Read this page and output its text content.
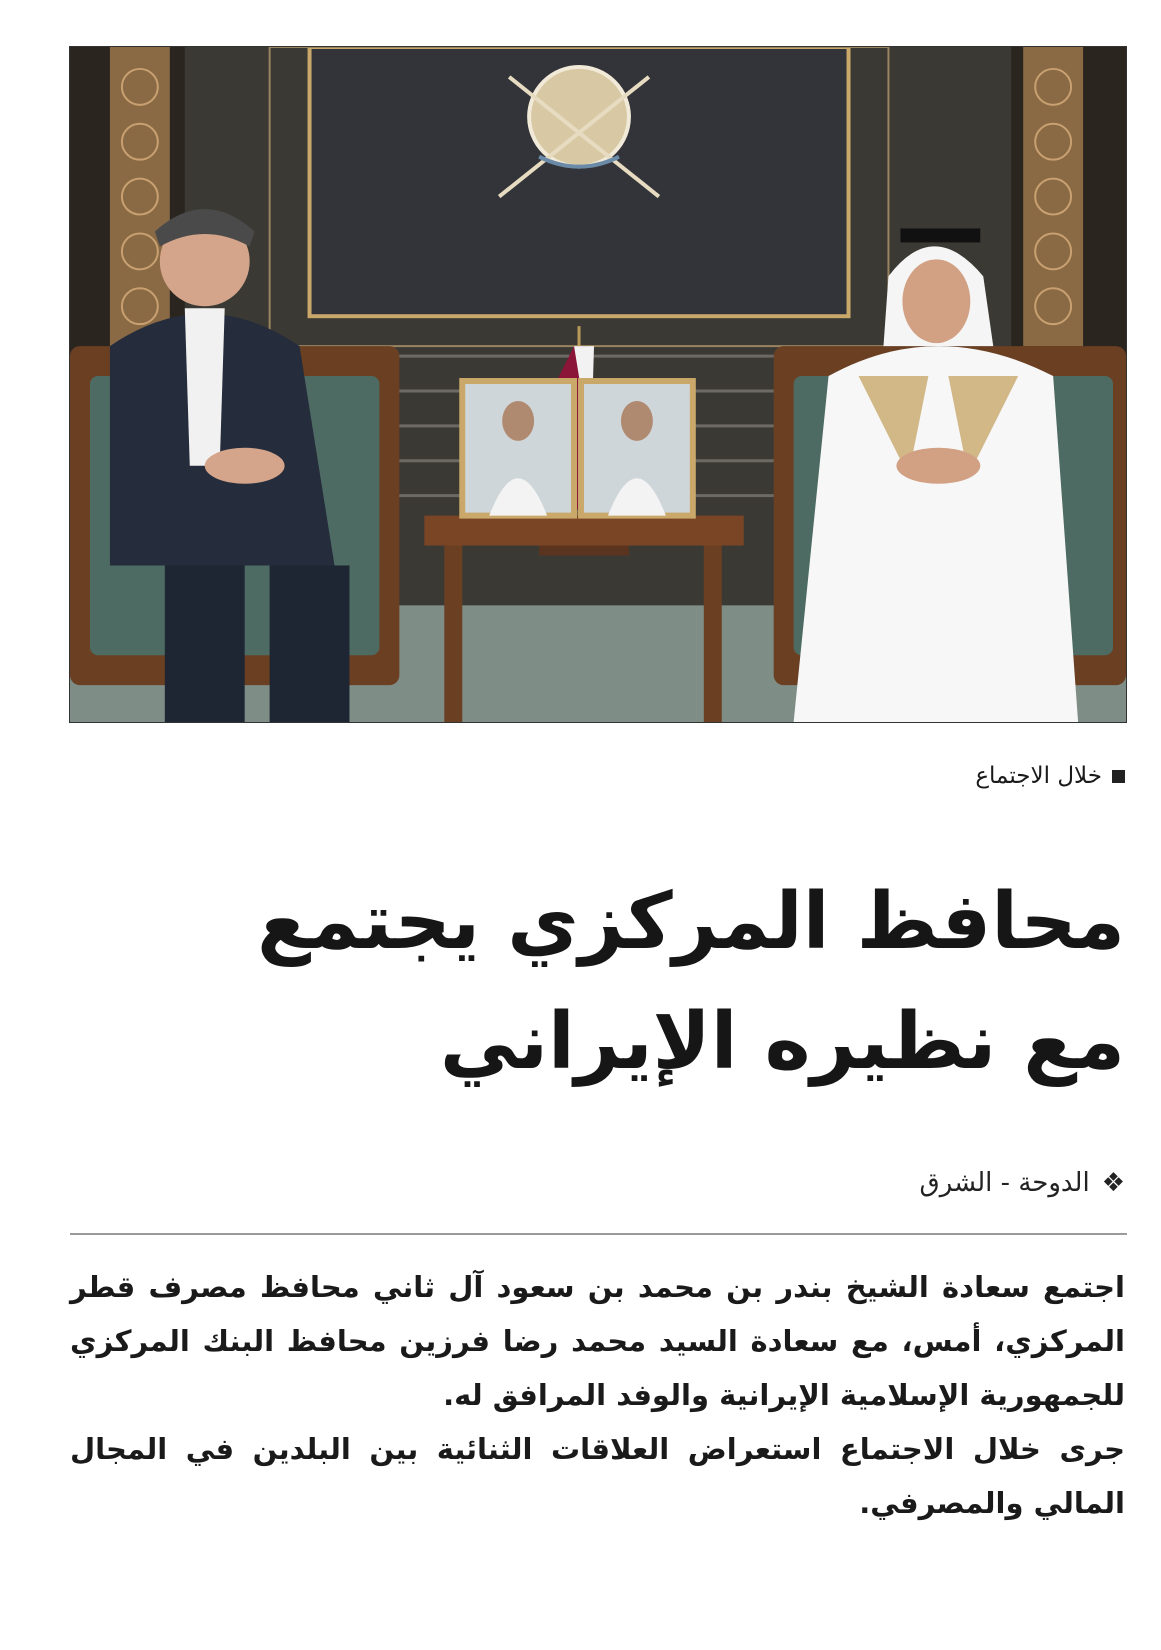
خلال الاجتماع
محافظ المركزي يجتمع
مع نظيره الإيراني
❖
الدوحة - الشرق

اجتمع سعادة الشيخ بندر بن محمد بن سعود آل ثاني محافظ مصرف قطر المركزي، أمس، مع سعادة السيد محمد رضا فرزين محافظ البنك المركزي للجمهورية الإسلامية الإيرانية والوفد المرافق له.

جرى خلال الاجتماع استعراض العلاقات الثنائية بين البلدين في المجال المالي والمصرفي.
